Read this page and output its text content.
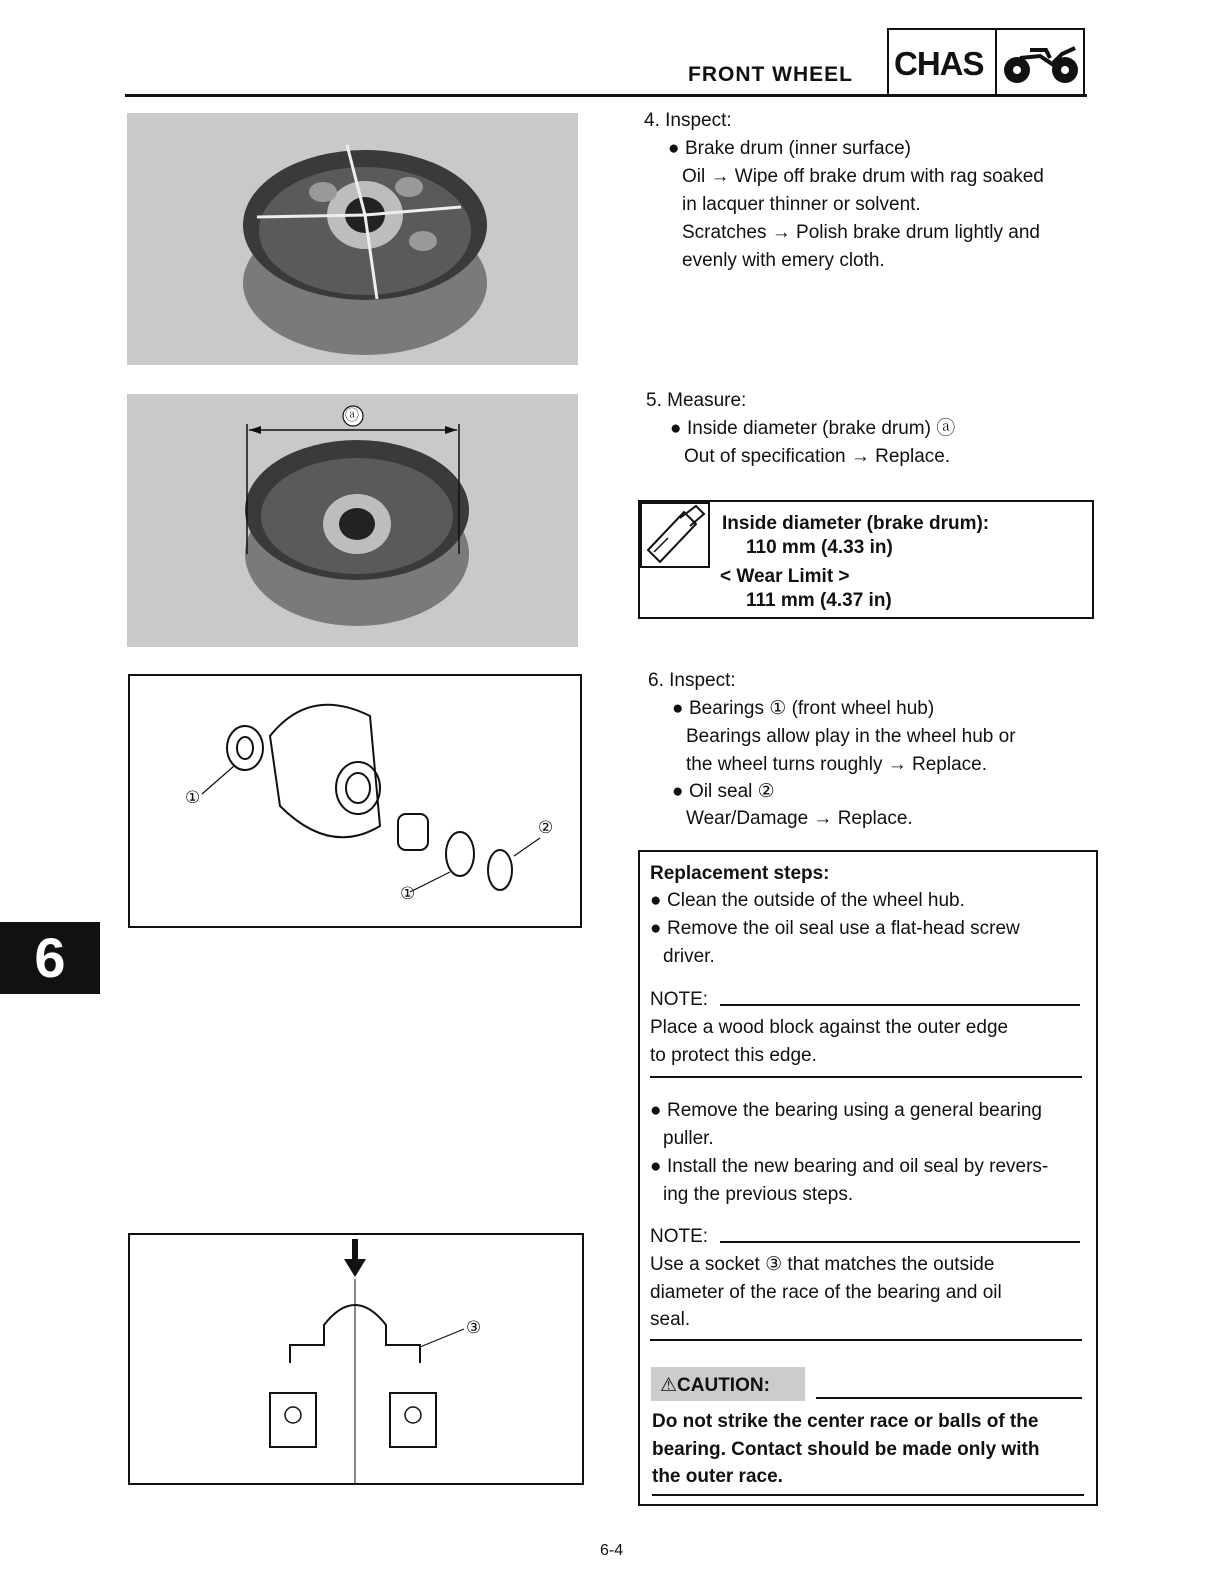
FRONT WHEEL CHAS
ⓐ
①
②
①
③
6
4. Inspect:
● Brake drum (inner surface)
Oil → Wipe off brake drum with rag soaked
in lacquer thinner or solvent.
Scratches → Polish brake drum lightly and
evenly with emery cloth.
5. Measure:
● Inside diameter (brake drum) ⓐ
Out of specification → Replace.
Inside diameter (brake drum):
110 mm (4.33 in)
< Wear Limit >
111 mm (4.37 in)
6. Inspect:
● Bearings ① (front wheel hub)
Bearings allow play in the wheel hub or
the wheel turns roughly → Replace.
● Oil seal ②
Wear/Damage → Replace.
Replacement steps:
● Clean the outside of the wheel hub.
● Remove the oil seal use a flat-head screw
driver.
NOTE:
Place a wood block against the outer edge
to protect this edge.
● Remove the bearing using a general bearing
puller.
● Install the new bearing and oil seal by revers-
ing the previous steps.
NOTE:
Use a socket ③ that matches the outside
diameter of the race of the bearing and oil
seal.
⚠CAUTION:
Do not strike the center race or balls of the
bearing. Contact should be made only with
the outer race.
6-4
